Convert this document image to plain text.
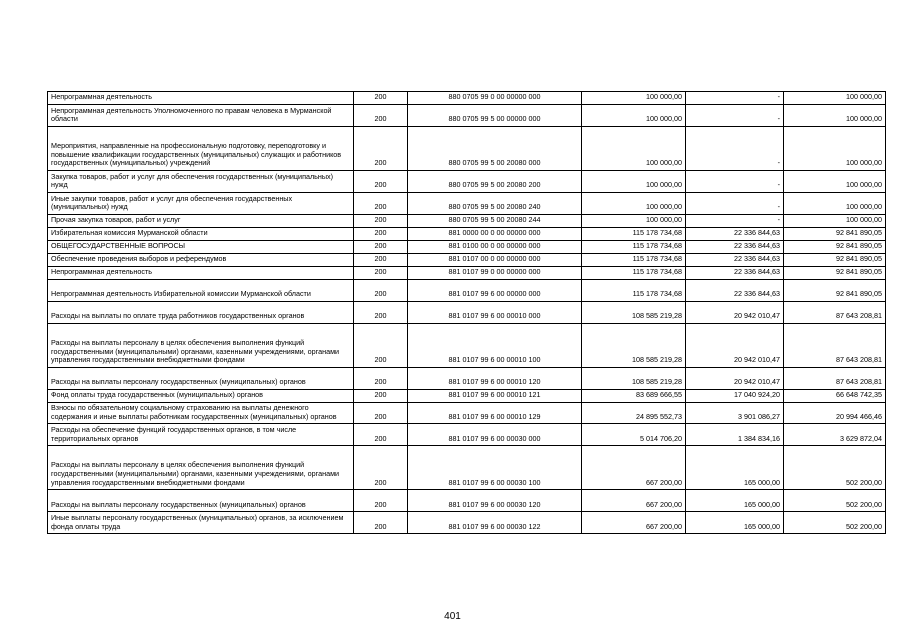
Непрограммная деятельность	200	880 0705 99 0 00 00000 000	100 000,00	-	100 000,00
Непрограммная деятельность Уполномоченного по правам человека в Мурманской области	200	880 0705 99 5 00 00000 000	100 000,00	-	100 000,00
Мероприятия, направленные на профессиональную подготовку, переподготовку и повышение квалификации государственных (муниципальных) служащих и работников государственных (муниципальных) учреждений	200	880 0705 99 5 00 20080 000	100 000,00	-	100 000,00
Закупка товаров, работ и услуг для обеспечения государственных (муниципальных) нужд	200	880 0705 99 5 00 20080 200	100 000,00	-	100 000,00
Иные закупки товаров, работ и услуг для обеспечения государственных (муниципальных) нужд	200	880 0705 99 5 00 20080 240	100 000,00	-	100 000,00
Прочая закупка товаров, работ и услуг	200	880 0705 99 5 00 20080 244	100 000,00	-	100 000,00
Избирательная комиссия Мурманской области	200	881 0000 00 0 00 00000 000	115 178 734,68	22 336 844,63	92 841 890,05
ОБЩЕГОСУДАРСТВЕННЫЕ ВОПРОСЫ	200	881 0100 00 0 00 00000 000	115 178 734,68	22 336 844,63	92 841 890,05
Обеспечение проведения выборов и референдумов	200	881 0107 00 0 00 00000 000	115 178 734,68	22 336 844,63	92 841 890,05
Непрограммная деятельность	200	881 0107 99 0 00 00000 000	115 178 734,68	22 336 844,63	92 841 890,05
Непрограммная деятельность Избирательной комиссии Мурманской области	200	881 0107 99 6 00 00000 000	115 178 734,68	22 336 844,63	92 841 890,05
Расходы на выплаты по оплате труда работников государственных органов	200	881 0107 99 6 00 00010 000	108 585 219,28	20 942 010,47	87 643 208,81
Расходы на выплаты персоналу в целях обеспечения выполнения функций государственными (муниципальными) органами, казенными учреждениями, органами управления государственными внебюджетными фондами	200	881 0107 99 6 00 00010 100	108 585 219,28	20 942 010,47	87 643 208,81
Расходы на выплаты персоналу государственных (муниципальных) органов	200	881 0107 99 6 00 00010 120	108 585 219,28	20 942 010,47	87 643 208,81
Фонд оплаты труда государственных (муниципальных) органов	200	881 0107 99 6 00 00010 121	83 689 666,55	17 040 924,20	66 648 742,35
Взносы по обязательному социальному страхованию на выплаты денежного содержания и иные выплаты работникам государственных (муниципальных) органов	200	881 0107 99 6 00 00010 129	24 895 552,73	3 901 086,27	20 994 466,46
Расходы на обеспечение функций государственных органов, в том числе территориальных органов	200	881 0107 99 6 00 00030 000	5 014 706,20	1 384 834,16	3 629 872,04
Расходы на выплаты персоналу в целях обеспечения выполнения функций государственными (муниципальными) органами, казенными учреждениями, органами управления государственными внебюджетными фондами	200	881 0107 99 6 00 00030 100	667 200,00	165 000,00	502 200,00
Расходы на выплаты персоналу государственных (муниципальных) органов	200	881 0107 99 6 00 00030 120	667 200,00	165 000,00	502 200,00
Иные выплаты персоналу государственных (муниципальных) органов, за исключением фонда оплаты труда	200	881 0107 99 6 00 00030 122	667 200,00	165 000,00	502 200,00
401
